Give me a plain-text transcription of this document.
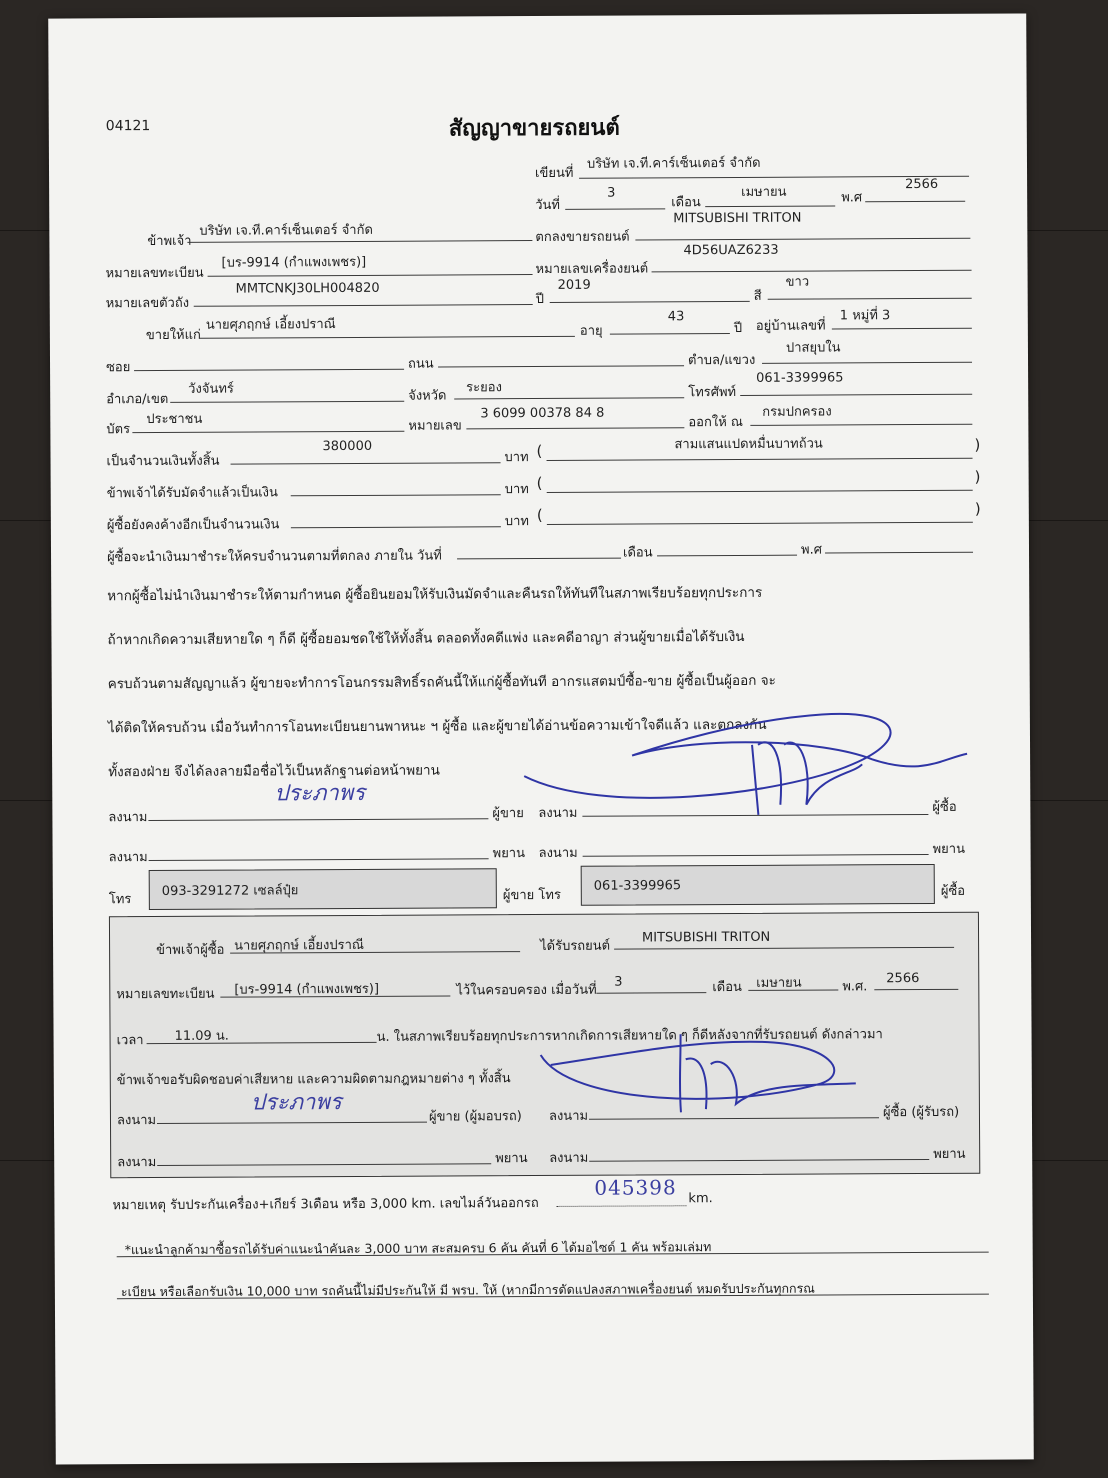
04121	สัญญาขายรถยนต์
เขียนที่
บริษัท เจ.ที.คาร์เซ็นเตอร์ จำกัด
วันที่
3
เดือน
เมษายน	พ.ศ
2566
ข้าพเจ้า
บริษัท เจ.ที.คาร์เซ็นเตอร์ จำกัด	ตกลงขายรถยนต์
MITSUBISHI TRITON
หมายเลขทะเบียน
[บร-9914 (กำแพงเพชร)]	หมายเลขเครื่องยนต์
4D56UAZ6233
หมายเลขตัวถัง
MMTCNKJ30LH004820
ปี
2019
สี
ขาว
ขายให้แก่
นายศุภฤกษ์ เอี้ยงปราณี	อายุ
43
ปี อยู่บ้านเลขที่
1 หมู่ที่ 3
ซอย	ถนน	ตำบล/แขวง
ปาสยุบใน
อำเภอ/เขต
วังจันทร์	จังหวัด
ระยอง	โทรศัพท์
061-3399965
บัตร
ประชาชน	หมายเลข
3 6099 00378 84 8
ออกให้ ณ
กรมปกครอง
เป็นจำนวนเงินทั้งสิ้น
380000
บาท (	สามแสนแปดหมื่นบาทถ้วน	)
ข้าพเจ้าได้รับมัดจำแล้วเป็นเงิน	บาท (	)
ผู้ซื้อยังคงค้างอีกเป็นจำนวนเงิน	บาท (	)
ผู้ซื้อจะนำเงินมาชำระให้ครบจำนวนตามที่ตกลง ภายใน วันที่	เดือน	พ.ศ
หากผู้ซื้อไม่นำเงินมาชำระให้ตามกำหนด ผู้ซื้อยินยอมให้รับเงินมัดจำและคืนรถให้ทันทีในสภาพเรียบร้อยทุกประการ
ถ้าหากเกิดความเสียหายใด ๆ ก็ดี ผู้ซื้อยอมชดใช้ให้ทั้งสิ้น ตลอดทั้งคดีแพ่ง และคดีอาญา ส่วนผู้ขายเมื่อได้รับเงิน
ครบถ้วนตามสัญญาแล้ว ผู้ขายจะทำการโอนกรรมสิทธิ์รถคันนี้ให้แก่ผู้ซื้อทันที อากรแสตมป์ซื้อ-ขาย ผู้ซื้อเป็นผู้ออก จะ
ได้ติดให้ครบถ้วน เมื่อวันทำการโอนทะเบียนยานพาหนะ ฯ ผู้ซื้อ และผู้ขายได้อ่านข้อความเข้าใจดีแล้ว และตกลงกัน
ทั้งสองฝ่าย จึงได้ลงลายมือชื่อไว้เป็นหลักฐานต่อหน้าพยาน
ลงนาม
ประภาพร
ผู้ขาย ลงนาม	ผู้ซื้อ
ลงนาม	พยาน ลงนาม	พยาน
โทร
093-3291272 เซลล์ปุ๋ย	ผู้ขาย โทร
061-3399965	ผู้ซื้อ
ข้าพเจ้าผู้ซื้อ นายศุภฤกษ์ เอี้ยงปราณี	ได้รับรถยนต์
MITSUBISHI TRITON
หมายเลขทะเบียน [บร-9914 (กำแพงเพชร)]	ไว้ในครอบครอง เมื่อวันที่
3	เดือน เมษายน	พ.ศ.
2566
เวลา 11.09 น.	น. ในสภาพเรียบร้อยทุกประการหากเกิดการเสียหายใด ๆ ก็ดีหลังจากที่รับรถยนต์ ดังกล่าวมา
ข้าพเจ้าขอรับผิดชอบค่าเสียหาย และความผิดตามกฎหมายต่าง ๆ ทั้งสิ้น
ลงนาม
ประภาพร
ผู้ขาย (ผู้มอบรถ) ลงนาม	ผู้ซื้อ (ผู้รับรถ)
ลงนาม	พยาน ลงนาม	พยาน
หมายเหตุ รับประกันเครื่อง+เกียร์ 3เดือน หรือ 3,000 km. เลขไมล์วันออกรถ
045398 km.
*แนะนำลูกค้ามาซื้อรถได้รับค่าแนะนำคันละ 3,000 บาท สะสมครบ 6 คัน คันที่ 6 ได้มอไซด์ 1 คัน พร้อมเล่มท
ะเบียน หรือเลือกรับเงิน 10,000 บาท รถคันนี้ไม่มีประกันให้ มี พรบ. ให้ (หากมีการดัดแปลงสภาพเครื่องยนต์ หมดรับประกันทุกกรณ
